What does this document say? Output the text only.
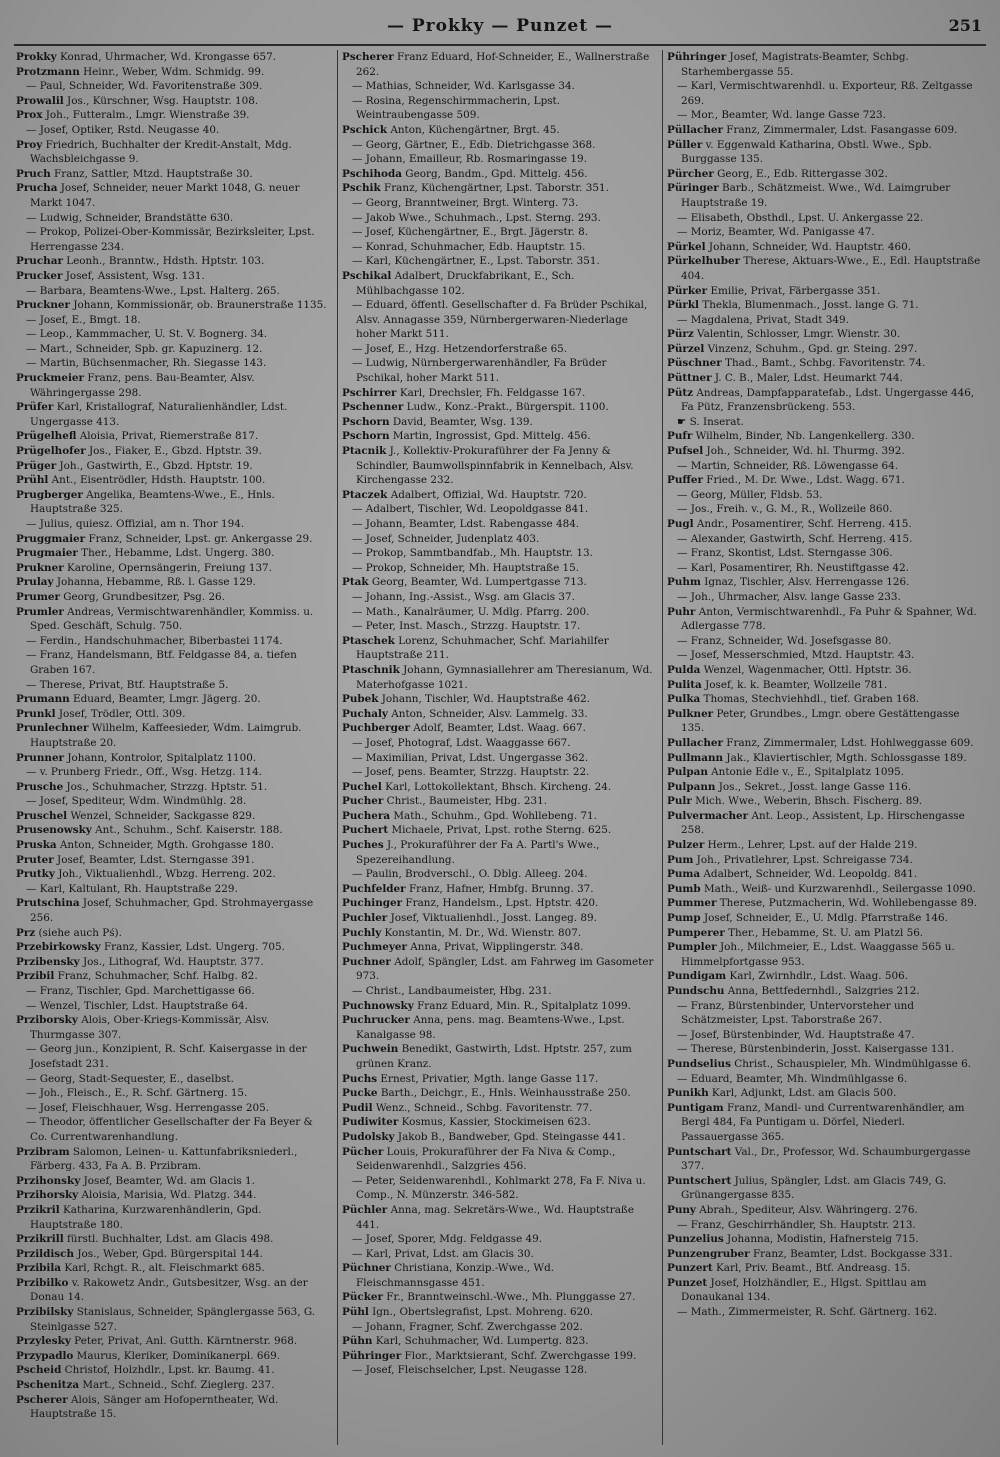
— Prokky — Punzet —	251

Prokky Konrad, Uhrmacher, Wd. Krongasse 657.

Protzmann Heinr., Weber, Wdm. Schmidg. 99.

— Paul, Schneider, Wd. Favoritenstraße 309.

Prowalil Jos., Kürschner, Wsg. Hauptstr. 108.

Prox Joh., Futteralm., Lmgr. Wienstraße 39.

— Josef, Optiker, Rstd. Neugasse 40.

Proy Friedrich, Buchhalter der Kredit-Anstalt, Mdg. Wachsbleichgasse 9.

Pruch Franz, Sattler, Mtzd. Hauptstraße 30.

Prucha Josef, Schneider, neuer Markt 1048, G. neuer Markt 1047.

— Ludwig, Schneider, Brandstätte 630.

— Prokop, Polizei-Ober-Kommissär, Bezirksleiter, Lpst. Herrengasse 234.

Pruchar Leonh., Branntw., Hdsth. Hptstr. 103.

Prucker Josef, Assistent, Wsg. 131.

— Barbara, Beamtens-Wwe., Lpst. Halterg. 265.

Pruckner Johann, Kommissionär, ob. Braunerstraße 1135.

— Josef, E., Bmgt. 18.

— Leop., Kammmacher, U. St. V. Bognerg. 34.

— Mart., Schneider, Spb. gr. Kapuzinerg. 12.

— Martin, Büchsenmacher, Rh. Siegasse 143.

Pruckmeier Franz, pens. Bau-Beamter, Alsv. Währingergasse 298.

Prüfer Karl, Kristallograf, Naturalienhändler, Ldst. Ungergasse 413.

Prügelhefl Aloisia, Privat, Riemerstraße 817.

Prügelhofer Jos., Fiaker, E., Gbzd. Hptstr. 39.

Prüger Joh., Gastwirth, E., Gbzd. Hptstr. 19.

Prühl Ant., Eisentrödler, Hdsth. Hauptstr. 100.

Prugberger Angelika, Beamtens-Wwe., E., Hnls. Hauptstraße 325.

— Julius, quiesz. Offizial, am n. Thor 194.

Pruggmaier Franz, Schneider, Lpst. gr. Ankergasse 29.

Prugmaier Ther., Hebamme, Ldst. Ungerg. 380.

Prukner Karoline, Opernsängerin, Freiung 137.

Prulay Johanna, Hebamme, Rß. l. Gasse 129.

Prumer Georg, Grundbesitzer, Psg. 26.

Prumler Andreas, Vermischtwarenhändler, Kommiss. u. Sped. Geschäft, Schulg. 750.

— Ferdin., Handschuhmacher, Biberbastei 1174.

— Franz, Handelsmann, Btf. Feldgasse 84, a. tiefen Graben 167.

— Therese, Privat, Btf. Hauptstraße 5.

Prumann Eduard, Beamter, Lmgr. Jägerg. 20.

Prunkl Josef, Trödler, Ottl. 309.

Prunlechner Wilhelm, Kaffeesieder, Wdm. Laimgrub. Hauptstraße 20.

Prunner Johann, Kontrolor, Spitalplatz 1100.

— v. Prunberg Friedr., Off., Wsg. Hetzg. 114.

Prusche Jos., Schuhmacher, Strzzg. Hptstr. 51.

— Josef, Spediteur, Wdm. Windmühlg. 28.

Pruschel Wenzel, Schneider, Sackgasse 829.

Prusenowsky Ant., Schuhm., Schf. Kaiserstr. 188.

Pruska Anton, Schneider, Mgth. Grohgasse 180.

Pruter Josef, Beamter, Ldst. Sterngasse 391.

Prutky Joh., Viktualienhdl., Wbzg. Herreng. 202.

— Karl, Kaltulant, Rh. Hauptstraße 229.

Prutschina Josef, Schuhmacher, Gpd. Strohmayergasse 256.

Prz (siehe auch Pś).

Przebirkowsky Franz, Kassier, Ldst. Ungerg. 705.

Przibensky Jos., Lithograf, Wd. Hauptstr. 377.

Przibil Franz, Schuhmacher, Schf. Halbg. 82.

— Franz, Tischler, Gpd. Marchettigasse 66.

— Wenzel, Tischler, Ldst. Hauptstraße 64.

Prziborsky Alois, Ober-Kriegs-Kommissär, Alsv. Thurmgasse 307.

— Georg jun., Konzipient, R. Schf. Kaisergasse in der Josefstadt 231.

— Georg, Stadt-Sequester, E., daselbst.

— Joh., Fleisch., E., R. Schf. Gärtnerg. 15.

— Josef, Fleischhauer, Wsg. Herrengasse 205.

— Theodor, öffentlicher Gesellschafter der Fa Beyer & Co. Currentwarenhandlung.

Przibram Salomon, Leinen- u. Kattunfabriksniederl., Färberg. 433, Fa A. B. Przibram.

Przihonsky Josef, Beamter, Wd. am Glacis 1.

Przihorsky Aloisia, Marisia, Wd. Platzg. 344.

Przikril Katharina, Kurzwarenhändlerin, Gpd. Hauptstraße 180.

Przikrill fürstl. Buchhalter, Ldst. am Glacis 498.

Przildisch Jos., Weber, Gpd. Bürgerspital 144.

Przibila Karl, Rchgt. R., alt. Fleischmarkt 685.

Przibilko v. Rakowetz Andr., Gutsbesitzer, Wsg. an der Donau 14.

Przibilsky Stanislaus, Schneider, Spänglergasse 563, G. Steinlgasse 527.

Przylesky Peter, Privat, Anl. Gutth. Kärntnerstr. 968.

Przypadlo Maurus, Kleriker, Dominikanerpl. 669.

Pscheid Christof, Holzhdlr., Lpst. kr. Baumg. 41.

Pschenitza Mart., Schneid., Schf. Zieglerg. 237.

Pscherer Alois, Sänger am Hofoperntheater, Wd. Hauptstraße 15.

Pscherer Franz Eduard, Hof-Schneider, E., Wallnerstraße 262.

— Mathias, Schneider, Wd. Karlsgasse 34.

— Rosina, Regenschirmmacherin, Lpst. Weintraubengasse 509.

Pschick Anton, Küchengärtner, Brgt. 45.

— Georg, Gärtner, E., Edb. Dietrichgasse 368.

— Johann, Emailleur, Rb. Rosmaringasse 19.

Pschihoda Georg, Bandm., Gpd. Mittelg. 456.

Pschik Franz, Küchengärtner, Lpst. Taborstr. 351.

— Georg, Branntweiner, Brgt. Winterg. 73.

— Jakob Wwe., Schuhmach., Lpst. Sterng. 293.

— Josef, Küchengärtner, E., Brgt. Jägerstr. 8.

— Konrad, Schuhmacher, Edb. Hauptstr. 15.

— Karl, Küchengärtner, E., Lpst. Taborstr. 351.

Pschikal Adalbert, Druckfabrikant, E., Sch. Mühlbachgasse 102.

— Eduard, öffentl. Gesellschafter d. Fa Brüder Pschikal, Alsv. Annagasse 359, Nürnbergerwaren-Niederlage hoher Markt 511.

— Josef, E., Hzg. Hetzendorferstraße 65.

— Ludwig, Nürnbergerwarenhändler, Fa Brüder Pschikal, hoher Markt 511.

Pschirrer Karl, Drechsler, Fh. Feldgasse 167.

Pschenner Ludw., Konz.-Prakt., Bürgerspit. 1100.

Pschorn David, Beamter, Wsg. 139.

Pschorn Martin, Ingrossist, Gpd. Mittelg. 456.

Ptacnik J., Kollektiv-Prokuraführer der Fa Jenny & Schindler, Baumwollspinnfabrik in Kennelbach, Alsv. Kirchengasse 232.

Ptaczek Adalbert, Offizial, Wd. Hauptstr. 720.

— Adalbert, Tischler, Wd. Leopoldgasse 841.

— Johann, Beamter, Ldst. Rabengasse 484.

— Josef, Schneider, Judenplatz 403.

— Prokop, Sammtbandfab., Mh. Hauptstr. 13.

— Prokop, Schneider, Mh. Hauptstraße 15.

Ptak Georg, Beamter, Wd. Lumpertgasse 713.

— Johann, Ing.-Assist., Wsg. am Glacis 37.

— Math., Kanalräumer, U. Mdlg. Pfarrg. 200.

— Peter, Inst. Masch., Strzzg. Hauptstr. 17.

Ptaschek Lorenz, Schuhmacher, Schf. Mariahilfer Hauptstraße 211.

Ptaschnik Johann, Gymnasiallehrer am Theresianum, Wd. Materhofgasse 1021.

Pubek Johann, Tischler, Wd. Hauptstraße 462.

Puchaly Anton, Schneider, Alsv. Lammelg. 33.

Puchberger Adolf, Beamter, Ldst. Waag. 667.

— Josef, Photograf, Ldst. Waaggasse 667.

— Maximilian, Privat, Ldst. Ungergasse 362.

— Josef, pens. Beamter, Strzzg. Hauptstr. 22.

Puchel Karl, Lottokollektant, Bhsch. Kircheng. 24.

Pucher Christ., Baumeister, Hbg. 231.

Puchera Math., Schuhm., Gpd. Wohllebeng. 71.

Puchert Michaele, Privat, Lpst. rothe Sterng. 625.

Puches J., Prokuraführer der Fa A. Partl's Wwe., Spezereihandlung.

— Paulin, Brodverschl., O. Dblg. Alleeg. 204.

Puchfelder Franz, Hafner, Hmbfg. Brunng. 37.

Puchinger Franz, Handelsm., Lpst. Hptstr. 420.

Puchler Josef, Viktualienhdl., Josst. Langeg. 89.

Puchly Konstantin, M. Dr., Wd. Wienstr. 807.

Puchmeyer Anna, Privat, Wipplingerstr. 348.

Puchner Adolf, Spängler, Ldst. am Fahrweg im Gasometer 973.

— Christ., Landbaumeister, Hbg. 231.

Puchnowsky Franz Eduard, Min. R., Spitalplatz 1099.

Puchrucker Anna, pens. mag. Beamtens-Wwe., Lpst. Kanalgasse 98.

Puchwein Benedikt, Gastwirth, Ldst. Hptstr. 257, zum grünen Kranz.

Puchs Ernest, Privatier, Mgth. lange Gasse 117.

Pucke Barth., Deichgr., E., Hnls. Weinhausstraße 250.

Pudil Wenz., Schneid., Schbg. Favoritenstr. 77.

Pudiwiter Kosmus, Kassier, Stockimeisen 623.

Pudolsky Jakob B., Bandweber, Gpd. Steingasse 441.

Pücher Louis, Prokuraführer der Fa Niva & Comp., Seidenwarenhdl., Salzgries 456.

— Peter, Seidenwarenhdl., Kohlmarkt 278, Fa F. Niva u. Comp., N. Münzerstr. 346-582.

Püchler Anna, mag. Sekretärs-Wwe., Wd. Hauptstraße 441.

— Josef, Sporer, Mdg. Feldgasse 49.

— Karl, Privat, Ldst. am Glacis 30.

Püchner Christiana, Konzip.-Wwe., Wd. Fleischmannsgasse 451.

Pücker Fr., Branntweinschl.-Wwe., Mh. Plunggasse 27.

Pühl Ign., Obertslegrafist, Lpst. Mohreng. 620.

— Johann, Fragner, Schf. Zwerchgasse 202.

Pühn Karl, Schuhmacher, Wd. Lumpertg. 823.

Pühringer Flor., Marktsierant, Schf. Zwerchgasse 199.

— Josef, Fleischselcher, Lpst. Neugasse 128.

Pühringer Josef, Magistrats-Beamter, Schbg. Starhembergasse 55.

— Karl, Vermischtwarenhdl. u. Exporteur, Rß. Zeltgasse 269.

— Mor., Beamter, Wd. lange Gasse 723.

Püllacher Franz, Zimmermaler, Ldst. Fasangasse 609.

Püller v. Eggenwald Katharina, Obstl. Wwe., Spb. Burggasse 135.

Pürcher Georg, E., Edb. Rittergasse 302.

Püringer Barb., Schätzmeist. Wwe., Wd. Laimgruber Hauptstraße 19.

— Elisabeth, Obsthdl., Lpst. U. Ankergasse 22.

— Moriz, Beamter, Wd. Panigasse 47.

Pürkel Johann, Schneider, Wd. Hauptstr. 460.

Pürkelhuber Therese, Aktuars-Wwe., E., Edl. Hauptstraße 404.

Pürker Emilie, Privat, Färbergasse 351.

Pürkl Thekla, Blumenmach., Josst. lange G. 71.

— Magdalena, Privat, Stadt 349.

Pürz Valentin, Schlosser, Lmgr. Wienstr. 30.

Pürzel Vinzenz, Schuhm., Gpd. gr. Steing. 297.

Püschner Thad., Bamt., Schbg. Favoritenstr. 74.

Püttner J. C. B., Maler, Ldst. Heumarkt 744.

Pütz Andreas, Dampfapparatefab., Ldst. Ungergasse 446, Fa Pütz, Franzensbrückeng. 553.

☛ S. Inserat.

Pufr Wilhelm, Binder, Nb. Langenkellerg. 330.

Pufsel Joh., Schneider, Wd. hl. Thurmg. 392.

— Martin, Schneider, Rß. Löwengasse 64.

Puffer Fried., M. Dr. Wwe., Ldst. Wagg. 671.

— Georg, Müller, Fldsb. 53.

— Jos., Freih. v., G. M., R., Wollzeile 860.

Pugl Andr., Posamentirer, Schf. Herreng. 415.

— Alexander, Gastwirth, Schf. Herreng. 415.

— Franz, Skontist, Ldst. Sterngasse 306.

— Karl, Posamentirer, Rh. Neustiftgasse 42.

Puhm Ignaz, Tischler, Alsv. Herrengasse 126.

— Joh., Uhrmacher, Alsv. lange Gasse 233.

Puhr Anton, Vermischtwarenhdl., Fa Puhr & Spahner, Wd. Adlergasse 778.

— Franz, Schneider, Wd. Josefsgasse 80.

— Josef, Messerschmied, Mtzd. Hauptstr. 43.

Pulda Wenzel, Wagenmacher, Ottl. Hptstr. 36.

Pulita Josef, k. k. Beamter, Wollzeile 781.

Pulka Thomas, Stechviehhdl., tief. Graben 168.

Pulkner Peter, Grundbes., Lmgr. obere Gestättengasse 135.

Pullacher Franz, Zimmermaler, Ldst. Hohlweggasse 609.

Pullmann Jak., Klaviertischler, Mgth. Schlossgasse 189.

Pulpan Antonie Edle v., E., Spitalplatz 1095.

Pulpann Jos., Sekret., Josst. lange Gasse 116.

Pulr Mich. Wwe., Weberin, Bhsch. Fischerg. 89.

Pulvermacher Ant. Leop., Assistent, Lp. Hirschengasse 258.

Pulzer Herm., Lehrer, Lpst. auf der Halde 219.

Pum Joh., Privatlehrer, Lpst. Schreigasse 734.

Puma Adalbert, Schneider, Wd. Leopoldg. 841.

Pumb Math., Weiß- und Kurzwarenhdl., Seilergasse 1090.

Pummer Therese, Putzmacherin, Wd. Wohllebengasse 89.

Pump Josef, Schneider, E., U. Mdlg. Pfarrstraße 146.

Pumperer Ther., Hebamme, St. U. am Platzl 56.

Pumpler Joh., Milchmeier, E., Ldst. Waaggasse 565 u. Himmelpfortgasse 953.

Pundigam Karl, Zwirnhdlr., Ldst. Waag. 506.

Pundschu Anna, Bettfedernhdl., Salzgries 212.

— Franz, Bürstenbinder, Untervorsteher und Schätzmeister, Lpst. Taborstraße 267.

— Josef, Bürstenbinder, Wd. Hauptstraße 47.

— Therese, Bürstenbinderin, Josst. Kaisergasse 131.

Pundselius Christ., Schauspieler, Mh. Windmühlgasse 6.

— Eduard, Beamter, Mh. Windmühlgasse 6.

Punikh Karl, Adjunkt, Ldst. am Glacis 500.

Puntigam Franz, Mandl- und Currentwarenhändler, am Bergl 484, Fa Puntigam u. Dörfel, Niederl. Passauergasse 365.

Puntschart Val., Dr., Professor, Wd. Schaumburgergasse 377.

Puntschert Julius, Spängler, Ldst. am Glacis 749, G. Grünangergasse 835.

Puny Abrah., Spediteur, Alsv. Währingerg. 276.

— Franz, Geschirrhändler, Sh. Hauptstr. 213.

Punzelius Johanna, Modistin, Hafnersteig 715.

Punzengruber Franz, Beamter, Ldst. Bockgasse 331.

Punzert Karl, Priv. Beamt., Btf. Andreasg. 15.

Punzet Josef, Holzhändler, E., Hlgst. Spittlau am Donaukanal 134.

— Math., Zimmermeister, R. Schf. Gärtnerg. 162.
